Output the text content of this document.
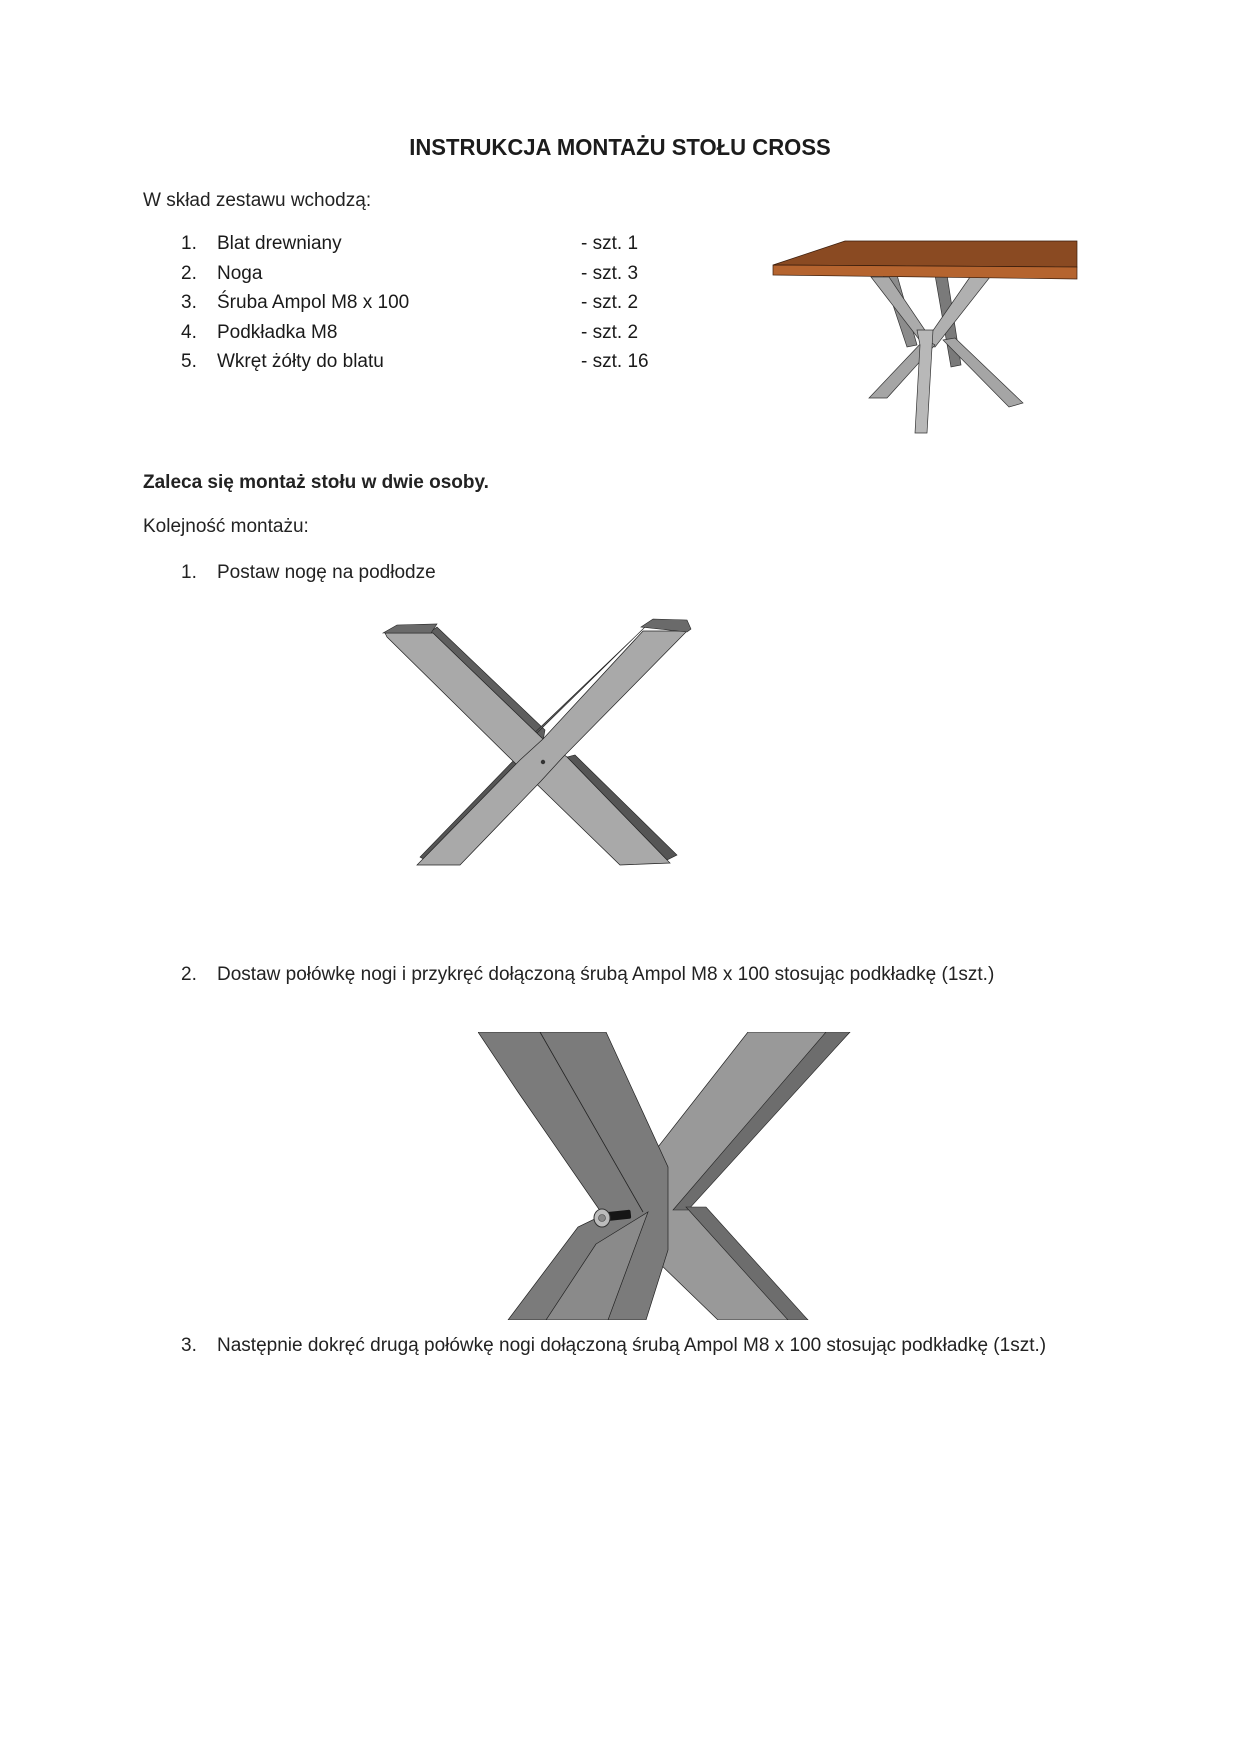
INSTRUKCJA MONTAŻU STOŁU CROSS
W skład zestawu wchodzą:
1. Blat drewniany	- szt. 1
2. Noga	- szt. 3
3. Śruba Ampol M8 x 100	- szt. 2
4. Podkładka M8	- szt. 2
5. Wkręt żółty do blatu	- szt. 16
Zaleca się montaż stołu w dwie osoby.
Kolejność montażu:
1. Postaw nogę na podłodze
2. Dostaw połówkę nogi i przykręć dołączoną śrubą Ampol M8 x 100 stosując podkładkę (1szt.)
3. Następnie dokręć drugą połówkę nogi dołączoną śrubą Ampol M8 x 100 stosując podkładkę (1szt.)
